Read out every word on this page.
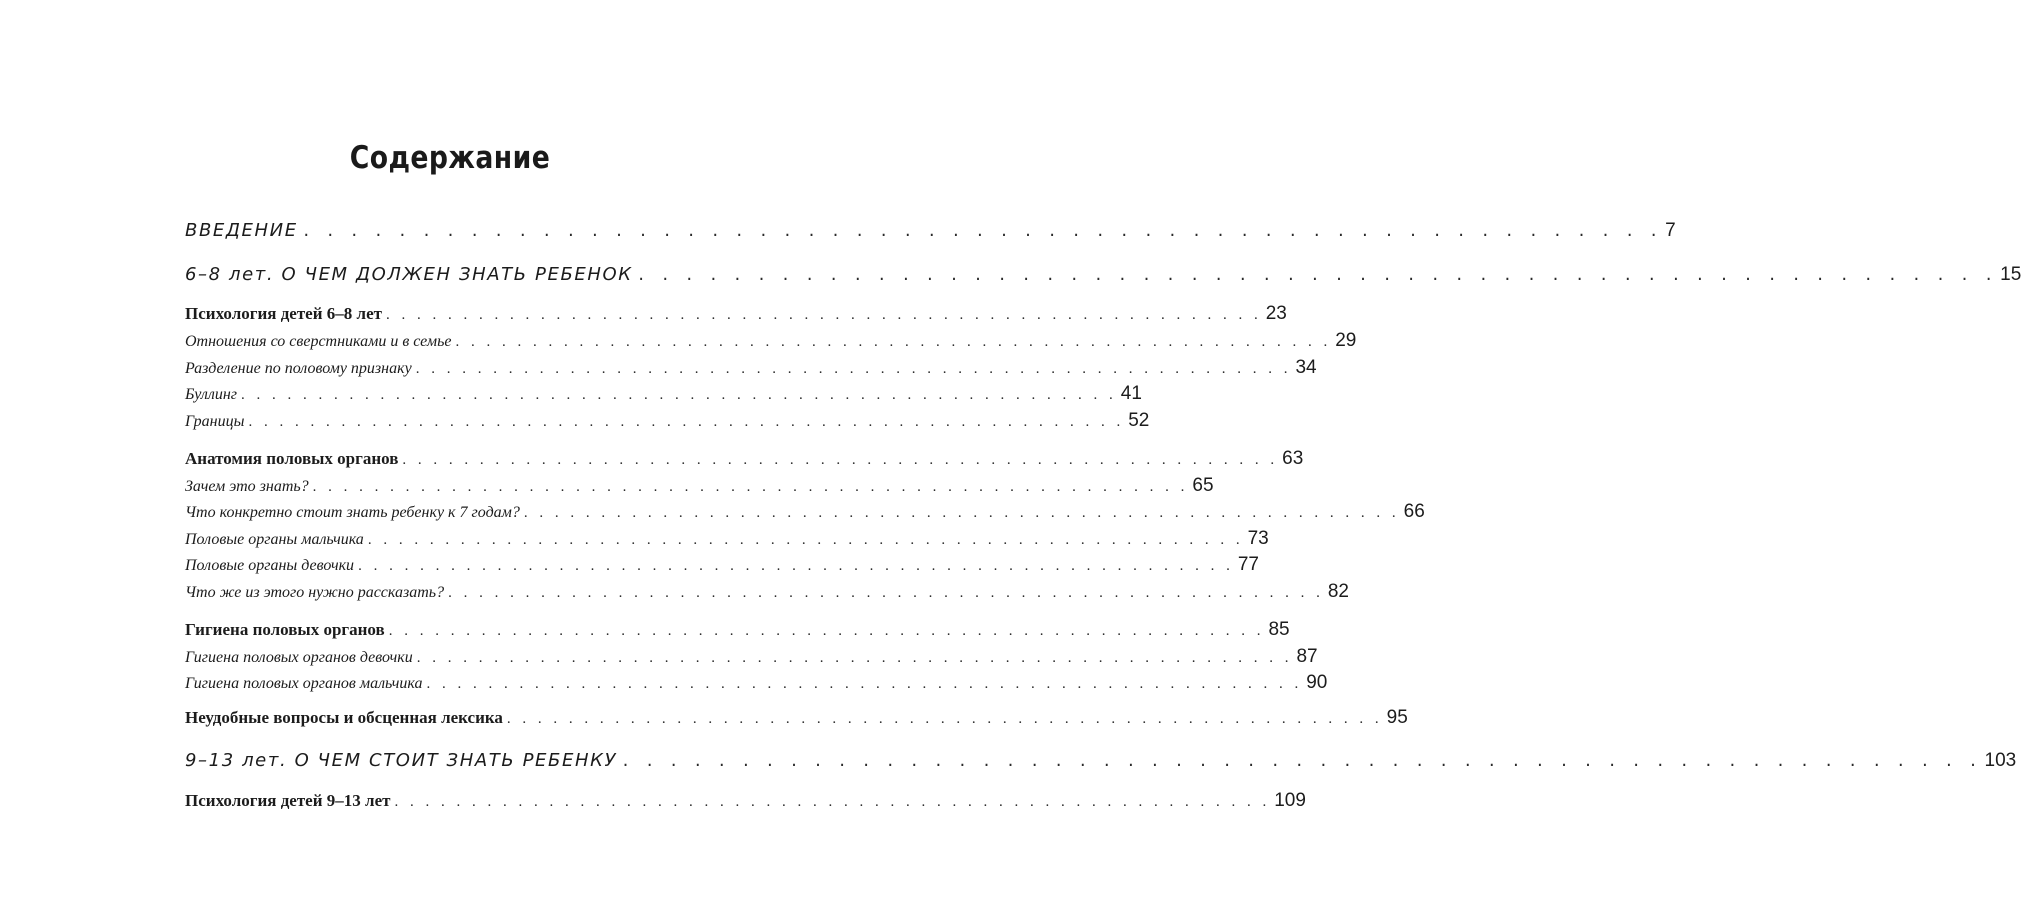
Содержание
ВВЕДЕНИЕ . . . . . . . . . . . . . . . . . . . . . . . . . . . . . . . . . . . . . . . . . . . . . . . . . . . . . . . . . 7
6–8 лет. О ЧЕМ ДОЛЖЕН ЗНАТЬ РЕБЕНОК . . . . . . . . . . . . . . . . . . . . . . . . . . . . . . . . . . . . . . . . . . . . . . . . . . . . . . . . . 15
Психология детей 6–8 лет . . . . . . . . . . . . . . . . . . . . . . . . . . . . . . . . . . . . . . . . . . . . . . . . . . . . . . . . . 23
Отношения со сверстниками и в семье . . . . . . . . . . . . . . . . . . . . . . . . . . . . . . . . . . . . . . . . . . . . . . . . . . . . . . . . . 29
Разделение по половому признаку . . . . . . . . . . . . . . . . . . . . . . . . . . . . . . . . . . . . . . . . . . . . . . . . . . . . . . . . . 34
Буллинг . . . . . . . . . . . . . . . . . . . . . . . . . . . . . . . . . . . . . . . . . . . . . . . . . . . . . . . . . 41
Границы . . . . . . . . . . . . . . . . . . . . . . . . . . . . . . . . . . . . . . . . . . . . . . . . . . . . . . . . . 52
Анатомия половых органов . . . . . . . . . . . . . . . . . . . . . . . . . . . . . . . . . . . . . . . . . . . . . . . . . . . . . . . . . 63
Зачем это знать? . . . . . . . . . . . . . . . . . . . . . . . . . . . . . . . . . . . . . . . . . . . . . . . . . . . . . . . . . 65
Что конкретно стоит знать ребенку к 7 годам? . . . . . . . . . . . . . . . . . . . . . . . . . . . . . . . . . . . . . . . . . . . . . . . . . . . . . . . . . 66
Половые органы мальчика . . . . . . . . . . . . . . . . . . . . . . . . . . . . . . . . . . . . . . . . . . . . . . . . . . . . . . . . . 73
Половые органы девочки . . . . . . . . . . . . . . . . . . . . . . . . . . . . . . . . . . . . . . . . . . . . . . . . . . . . . . . . . 77
Что же из этого нужно рассказать? . . . . . . . . . . . . . . . . . . . . . . . . . . . . . . . . . . . . . . . . . . . . . . . . . . . . . . . . . 82
Гигиена половых органов . . . . . . . . . . . . . . . . . . . . . . . . . . . . . . . . . . . . . . . . . . . . . . . . . . . . . . . . . 85
Гигиена половых органов девочки . . . . . . . . . . . . . . . . . . . . . . . . . . . . . . . . . . . . . . . . . . . . . . . . . . . . . . . . . 87
Гигиена половых органов мальчика . . . . . . . . . . . . . . . . . . . . . . . . . . . . . . . . . . . . . . . . . . . . . . . . . . . . . . . . . 90
Неудобные вопросы и обсценная лексика . . . . . . . . . . . . . . . . . . . . . . . . . . . . . . . . . . . . . . . . . . . . . . . . . . . . . . . . . 95
9–13 лет. О ЧЕМ СТОИТ ЗНАТЬ РЕБЕНКУ . . . . . . . . . . . . . . . . . . . . . . . . . . . . . . . . . . . . . . . . . . . . . . . . . . . . . . . . . 103
Психология детей 9–13 лет . . . . . . . . . . . . . . . . . . . . . . . . . . . . . . . . . . . . . . . . . . . . . . . . . . . . . . . . . 109
